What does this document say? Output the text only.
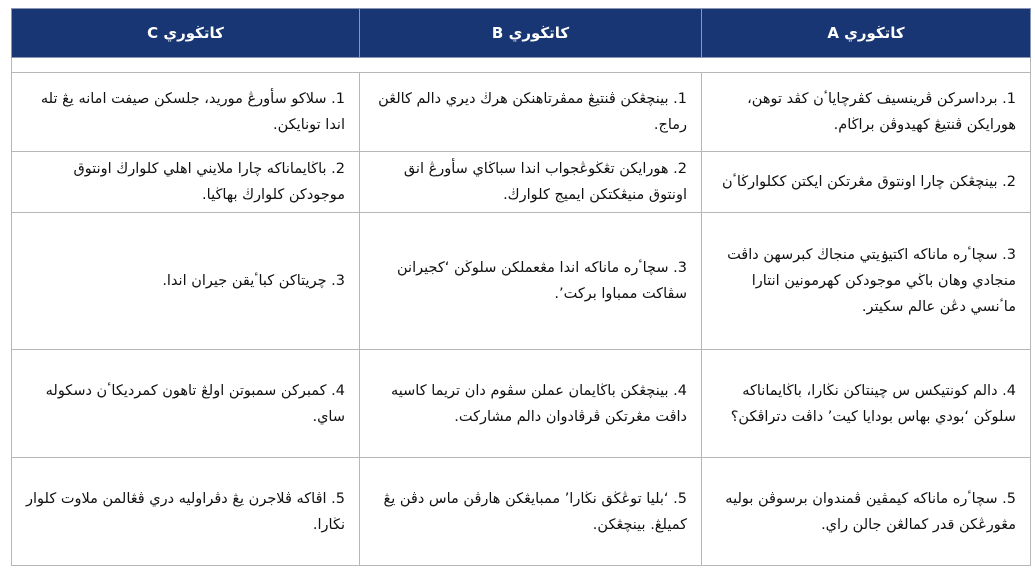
کاتڬوري A	کاتڬوري B	کاتڬوري C

1. برداسرکن ڤرينسيف کڤرچاياٴن کڤد توهن، هورايکن ڤنتيڠ کهيدوڤن براڬام.	1. بينچڠکن ڤنتيڠ ممڤرتاهنکن هرڬ ديري دالم کالڠن رماج.	1. سلاکو سأورڠ موريد، جلسکن صيفت امانه يڠ تله اندا تونايکن.
2. بينچڠکن چارا اونتوق مڠرتکن ايکتن ککلوارڬاٴن	2. هورايکن تڠڬوڠجواب اندا سباڬاي سأورڠ انق اونتوق منيڠکتکن ايميج کلوارڬ.	2. باڬايماناکه چارا ملايني اهلي کلوارڬ اونتوق موجودکن کلوارڬ بهاڬيا.
3. سچاٴره ماناکه اکتيۏيتي منجاڬ کبرسهن داڤت منجادي وهان باڬي موجودکن کهرمونين انتارا ماٴنسي دڠن عالم سکيتر.	3. سچاٴره ماناکه اندا مڠعملکن سلوڬن ‘کجيرانن سڤاکت ممباوا برکت’.	3. چريتاکن کباٴيقن جيران اندا.
4. دالم کونتيکس س چينتاکن نڬارا، باڬايماناکه سلوڬن ‘بودي بهاس بودايا کيت’ داڤت دتراڤکن؟	4. بينچڠکن باڬايمان عملن سڤوم دان تريما کاسيه داڤت مڠرتکن ڤرڤادوان دالم مشارکت.	4. کمبرکن سمبوتن اولڠ تاهون کمرديکاٴن دسکوله ساي.
5. سچاٴره ماناکه کيمڤين ڤمندوان برسوڤن بوليه مڠورڠکن قدر کمالڠن جالن راي.	5. ‘بليا توڠڬق نڬارا’ ممبايڠکن هارڤن ماس دڤن يڠ کميلڠ. بينچڠکن.	5. اڤاکه ڤلاجرن يڠ دڤراوليه دري ڤڠالمن ملاوت کلوار نڬارا.
